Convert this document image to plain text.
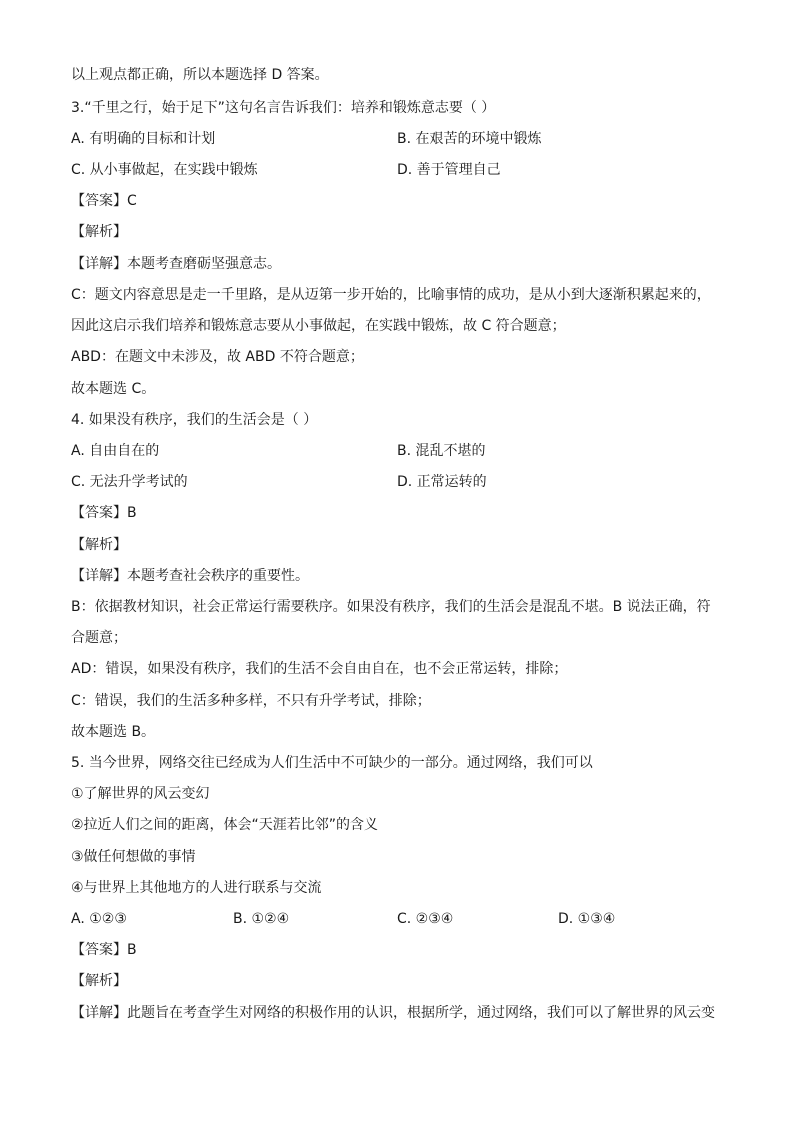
以上观点都正确，所以本题选择 D 答案。
3.“千里之行，始于足下”这句名言告诉我们：培养和锻炼意志要（ ）
A. 有明确的目标和计划	B. 在艰苦的环境中锻炼
C. 从小事做起，在实践中锻炼	D. 善于管理自己
【答案】C
【解析】
【详解】本题考查磨砺坚强意志。
C：题文内容意思是走一千里路，是从迈第一步开始的，比喻事情的成功，是从小到大逐渐积累起来的，
因此这启示我们培养和锻炼意志要从小事做起，在实践中锻炼，故 C 符合题意；
ABD：在题文中未涉及，故 ABD 不符合题意；
故本题选 C。
4. 如果没有秩序，我们的生活会是（ ）
A. 自由自在的	B. 混乱不堪的
C. 无法升学考试的	D. 正常运转的
【答案】B
【解析】
【详解】本题考查社会秩序的重要性。
B：依据教材知识，社会正常运行需要秩序。如果没有秩序，我们的生活会是混乱不堪。B 说法正确，符
合题意；
AD：错误，如果没有秩序，我们的生活不会自由自在，也不会正常运转，排除；
C：错误，我们的生活多种多样，不只有升学考试，排除；
故本题选 B。
5. 当今世界，网络交往已经成为人们生活中不可缺少的一部分。通过网络，我们可以
①了解世界的风云变幻
②拉近人们之间的距离，体会“天涯若比邻”的含义
③做任何想做的事情
④与世界上其他地方的人进行联系与交流
A. ①②③	B. ①②④	C. ②③④	D. ①③④
【答案】B
【解析】
【详解】此题旨在考查学生对网络的积极作用的认识，根据所学，通过网络，我们可以了解世界的风云变
